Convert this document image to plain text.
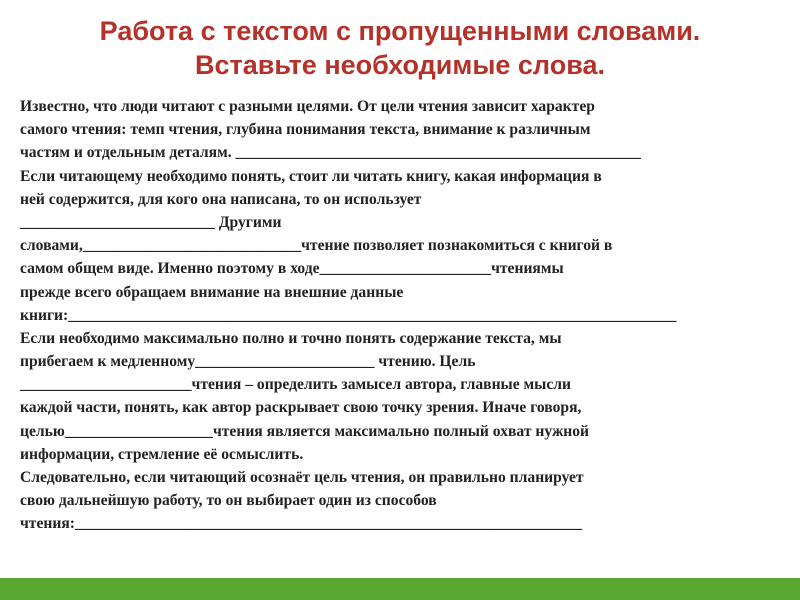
Работа с текстом с пропущенными словами.
Вставьте необходимые слова.
Известно, что люди читают с разными целями. От цели чтения зависит характер
самого чтения: темп чтения, глубина понимания текста, внимание к различным
частям и отдельным деталям. ____________________________________________________
Если читающему необходимо понять, стоит ли читать книгу, какая информация в
ней содержится, для кого она написана, то он использует
_________________________ Другими
словами,____________________________чтение позволяет познакомиться с книгой в
самом общем виде. Именно поэтому в ходе______________________чтениямы
прежде всего обращаем внимание на внешние данные
книги:______________________________________________________________________________
Если необходимо максимально полно и точно понять содержание текста, мы
прибегаем к медленному_______________________ чтению. Цель
______________________чтения – определить замысел автора, главные мысли
каждой части, понять, как автор раскрывает свою точку зрения. Иначе говоря,
целью___________________чтения является максимально полный охват нужной
информации, стремление её осмыслить.
Следовательно, если читающий осознаёт цель чтения, он правильно планирует
свою дальнейшую работу, то он выбирает один из способов
чтения:_________________________________________________________________
